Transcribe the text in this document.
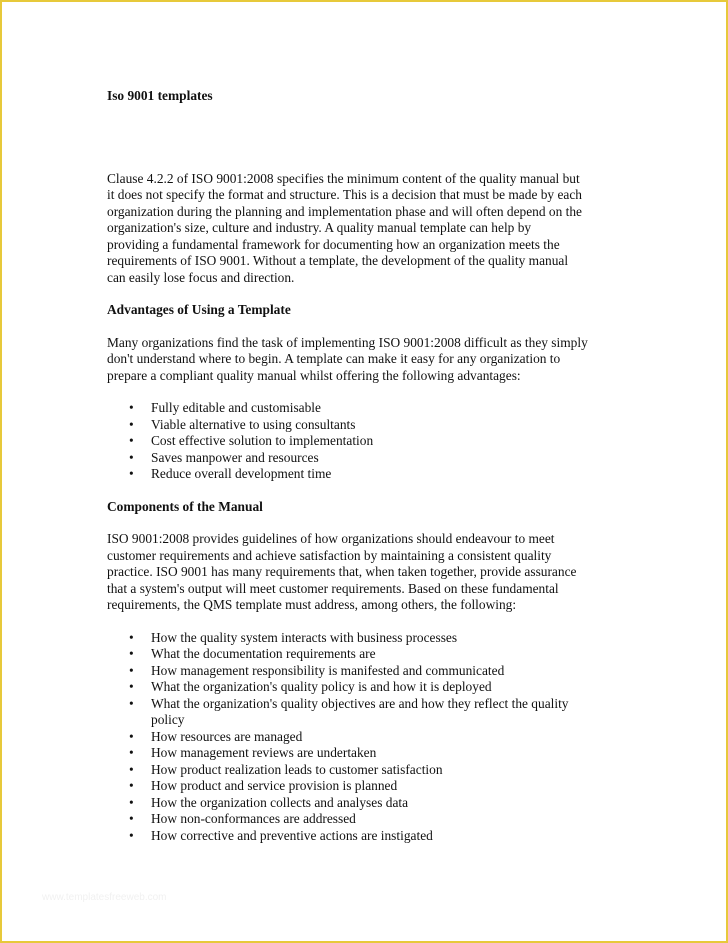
Iso 9001 templates

Clause 4.2.2 of ISO 9001:2008 specifies the minimum content of the quality manual but
it does not specify the format and structure. This is a decision that must be made by each
organization during the planning and implementation phase and will often depend on the
organization's size, culture and industry. A quality manual template can help by
providing a fundamental framework for documenting how an organization meets the
requirements of ISO 9001. Without a template, the development of the quality manual
can easily lose focus and direction.

Advantages of Using a Template

Many organizations find the task of implementing ISO 9001:2008 difficult as they simply
don't understand where to begin. A template can make it easy for any organization to
prepare a compliant quality manual whilst offering the following advantages:
• Fully editable and customisable
• Viable alternative to using consultants
• Cost effective solution to implementation
• Saves manpower and resources
• Reduce overall development time

Components of the Manual

ISO 9001:2008 provides guidelines of how organizations should endeavour to meet
customer requirements and achieve satisfaction by maintaining a consistent quality
practice. ISO 9001 has many requirements that, when taken together, provide assurance
that a system's output will meet customer requirements. Based on these fundamental
requirements, the QMS template must address, among others, the following:
• How the quality system interacts with business processes
• What the documentation requirements are
• How management responsibility is manifested and communicated
• What the organization's quality policy is and how it is deployed
• What the organization's quality objectives are and how they reflect the quality
policy
• How resources are managed
• How management reviews are undertaken
• How product realization leads to customer satisfaction
• How product and service provision is planned
• How the organization collects and analyses data
• How non-conformances are addressed
• How corrective and preventive actions are instigated
www.templatesfreeweb.com
